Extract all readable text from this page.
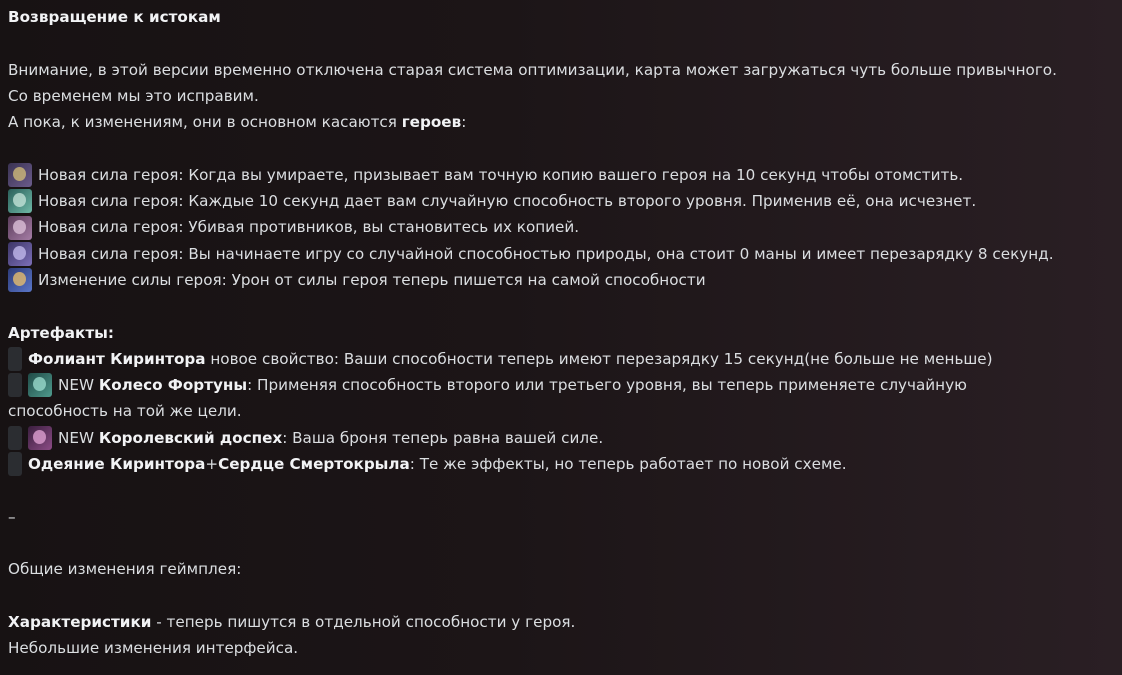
Возвращение к истокам
Внимание, в этой версии временно отключена старая система оптимизации, карта может загружаться чуть больше привычного.
Со временем мы это исправим.
А пока, к изменениям, они в основном касаются героев :
Новая сила героя: Когда вы умираете, призывает вам точную копию вашего героя на 10 секунд чтобы отомстить.
Новая сила героя: Каждые 10 секунд дает вам случайную способность второго уровня. Применив её, она исчезнет.
Новая сила героя: Убивая противников, вы становитесь их копией.
Новая сила героя: Вы начинаете игру со случайной способностью природы, она стоит 0 маны и имеет перезарядку 8 секунд.
Изменение силы героя: Урон от силы героя теперь пишется на самой способности
Артефакты:
Фолиант Киринтора новое свойство: Ваши способности теперь имеют перезарядку 15 секунд(не больше не меньше)
NEW Колесо Фортуны : Применяя способность второго или третьего уровня, вы теперь применяете случайную
способность на той же цели.
NEW Королевский доспех : Ваша броня теперь равна вашей силе.
Одеяние Киринтора + Сердце Смертокрыла : Те же эффекты, но теперь работает по новой схеме.
–
Общие изменения геймплея:
Характеристики - теперь пишутся в отдельной способности у героя.
Небольшие изменения интерфейса.
